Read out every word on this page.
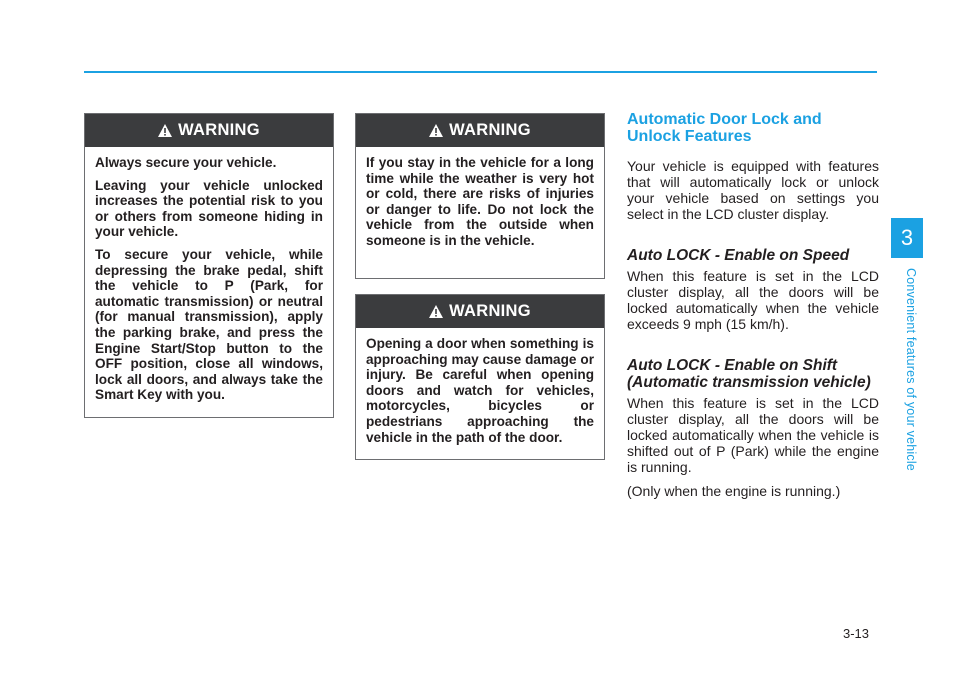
WARNING

Always secure your vehicle.

Leaving your vehicle unlocked increases the potential risk to you or others from someone hiding in your vehicle.

To secure your vehicle, while depressing the brake pedal, shift the vehicle to P (Park, for automatic transmission) or neutral (for manual transmission), apply the parking brake, and press the Engine Start/Stop button to the OFF position, close all windows, lock all doors, and always take the Smart Key with you.

WARNING

If you stay in the vehicle for a long time while the weather is very hot or cold, there are risks of injuries or danger to life. Do not lock the vehicle from the outside when someone is in the vehicle.

WARNING

Opening a door when something is approaching may cause damage or injury. Be careful when opening doors and watch for vehicles, motorcycles, bicycles or pedestrians approaching the vehicle in the path of the door.

Automatic Door Lock and
Unlock Features

Your vehicle is equipped with features that will automatically lock or unlock your vehicle based on settings you select in the LCD cluster display.

Auto LOCK - Enable on Speed

When this feature is set in the LCD cluster display, all the doors will be locked automatically when the vehicle exceeds 9 mph (15 km/h).

Auto LOCK - Enable on Shift
(Automatic transmission vehicle)

When this feature is set in the LCD cluster display, all the doors will be locked automatically when the vehicle is shifted out of P (Park) while the engine is running.

(Only when the engine is running.)

3
Convenient features of your vehicle
3-13
